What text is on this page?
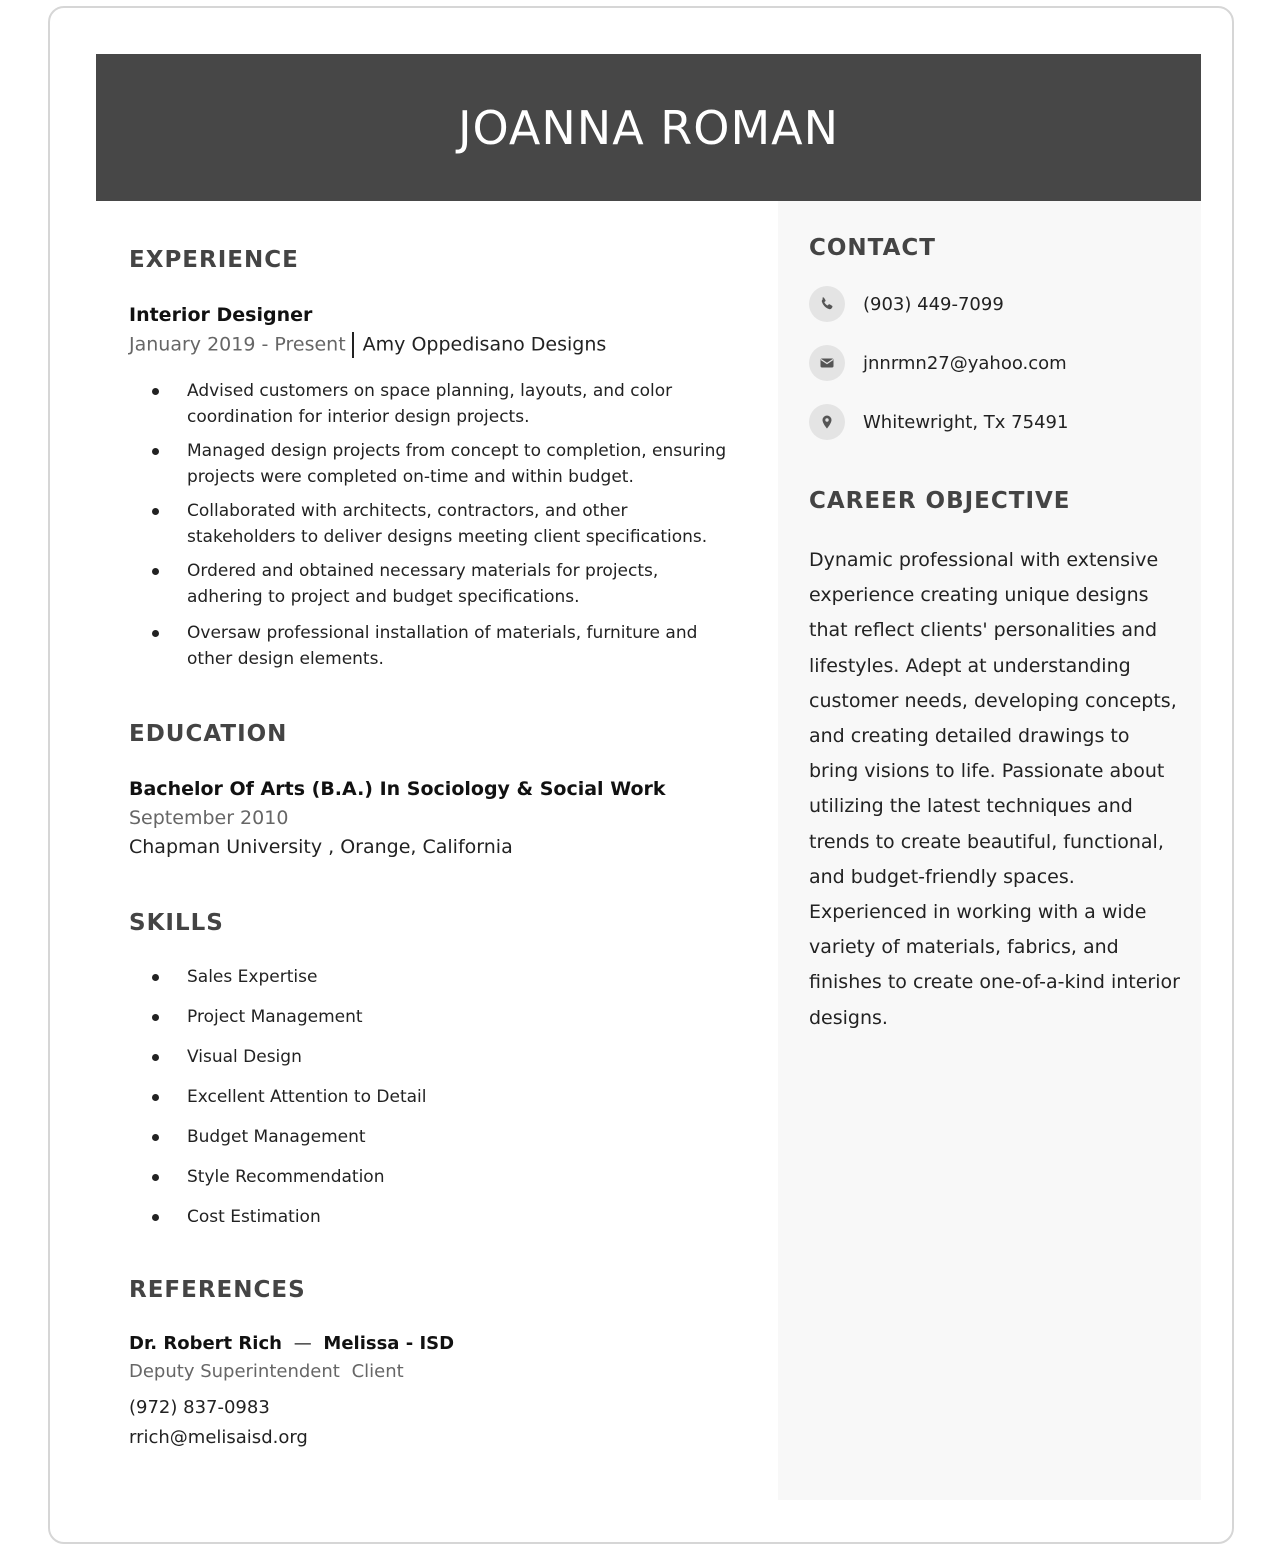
JOANNA ROMAN
EXPERIENCE
Interior Designer
January 2019 - Present Amy Oppedisano Designs
Advised customers on space planning, layouts, and color coordination for interior design projects.
Managed design projects from concept to completion, ensuring projects were completed on-time and within budget.
Collaborated with architects, contractors, and other stakeholders to deliver designs meeting client specifications.
Ordered and obtained necessary materials for projects, adhering to project and budget specifications.
Oversaw professional installation of materials, furniture and other design elements.
EDUCATION
Bachelor Of Arts (B.A.) In Sociology & Social Work
September 2010
Chapman University , Orange, California
SKILLS
Sales Expertise
Project Management
Visual Design
Excellent Attention to Detail
Budget Management
Style Recommendation
Cost Estimation
REFERENCES
Dr. Robert Rich — Melissa - ISD
Deputy Superintendent Client
(972) 837-0983
rrich@melisaisd.org
CONTACT
(903) 449-7099
jnnrmn27@yahoo.com
Whitewright, Tx 75491
CAREER OBJECTIVE

Dynamic professional with extensive experience creating unique designs that reflect clients' personalities and lifestyles. Adept at understanding customer needs, developing concepts, and creating detailed drawings to bring visions to life. Passionate about utilizing the latest techniques and trends to create beautiful, functional, and budget-friendly spaces. Experienced in working with a wide variety of materials, fabrics, and finishes to create one-of-a-kind interior designs.
